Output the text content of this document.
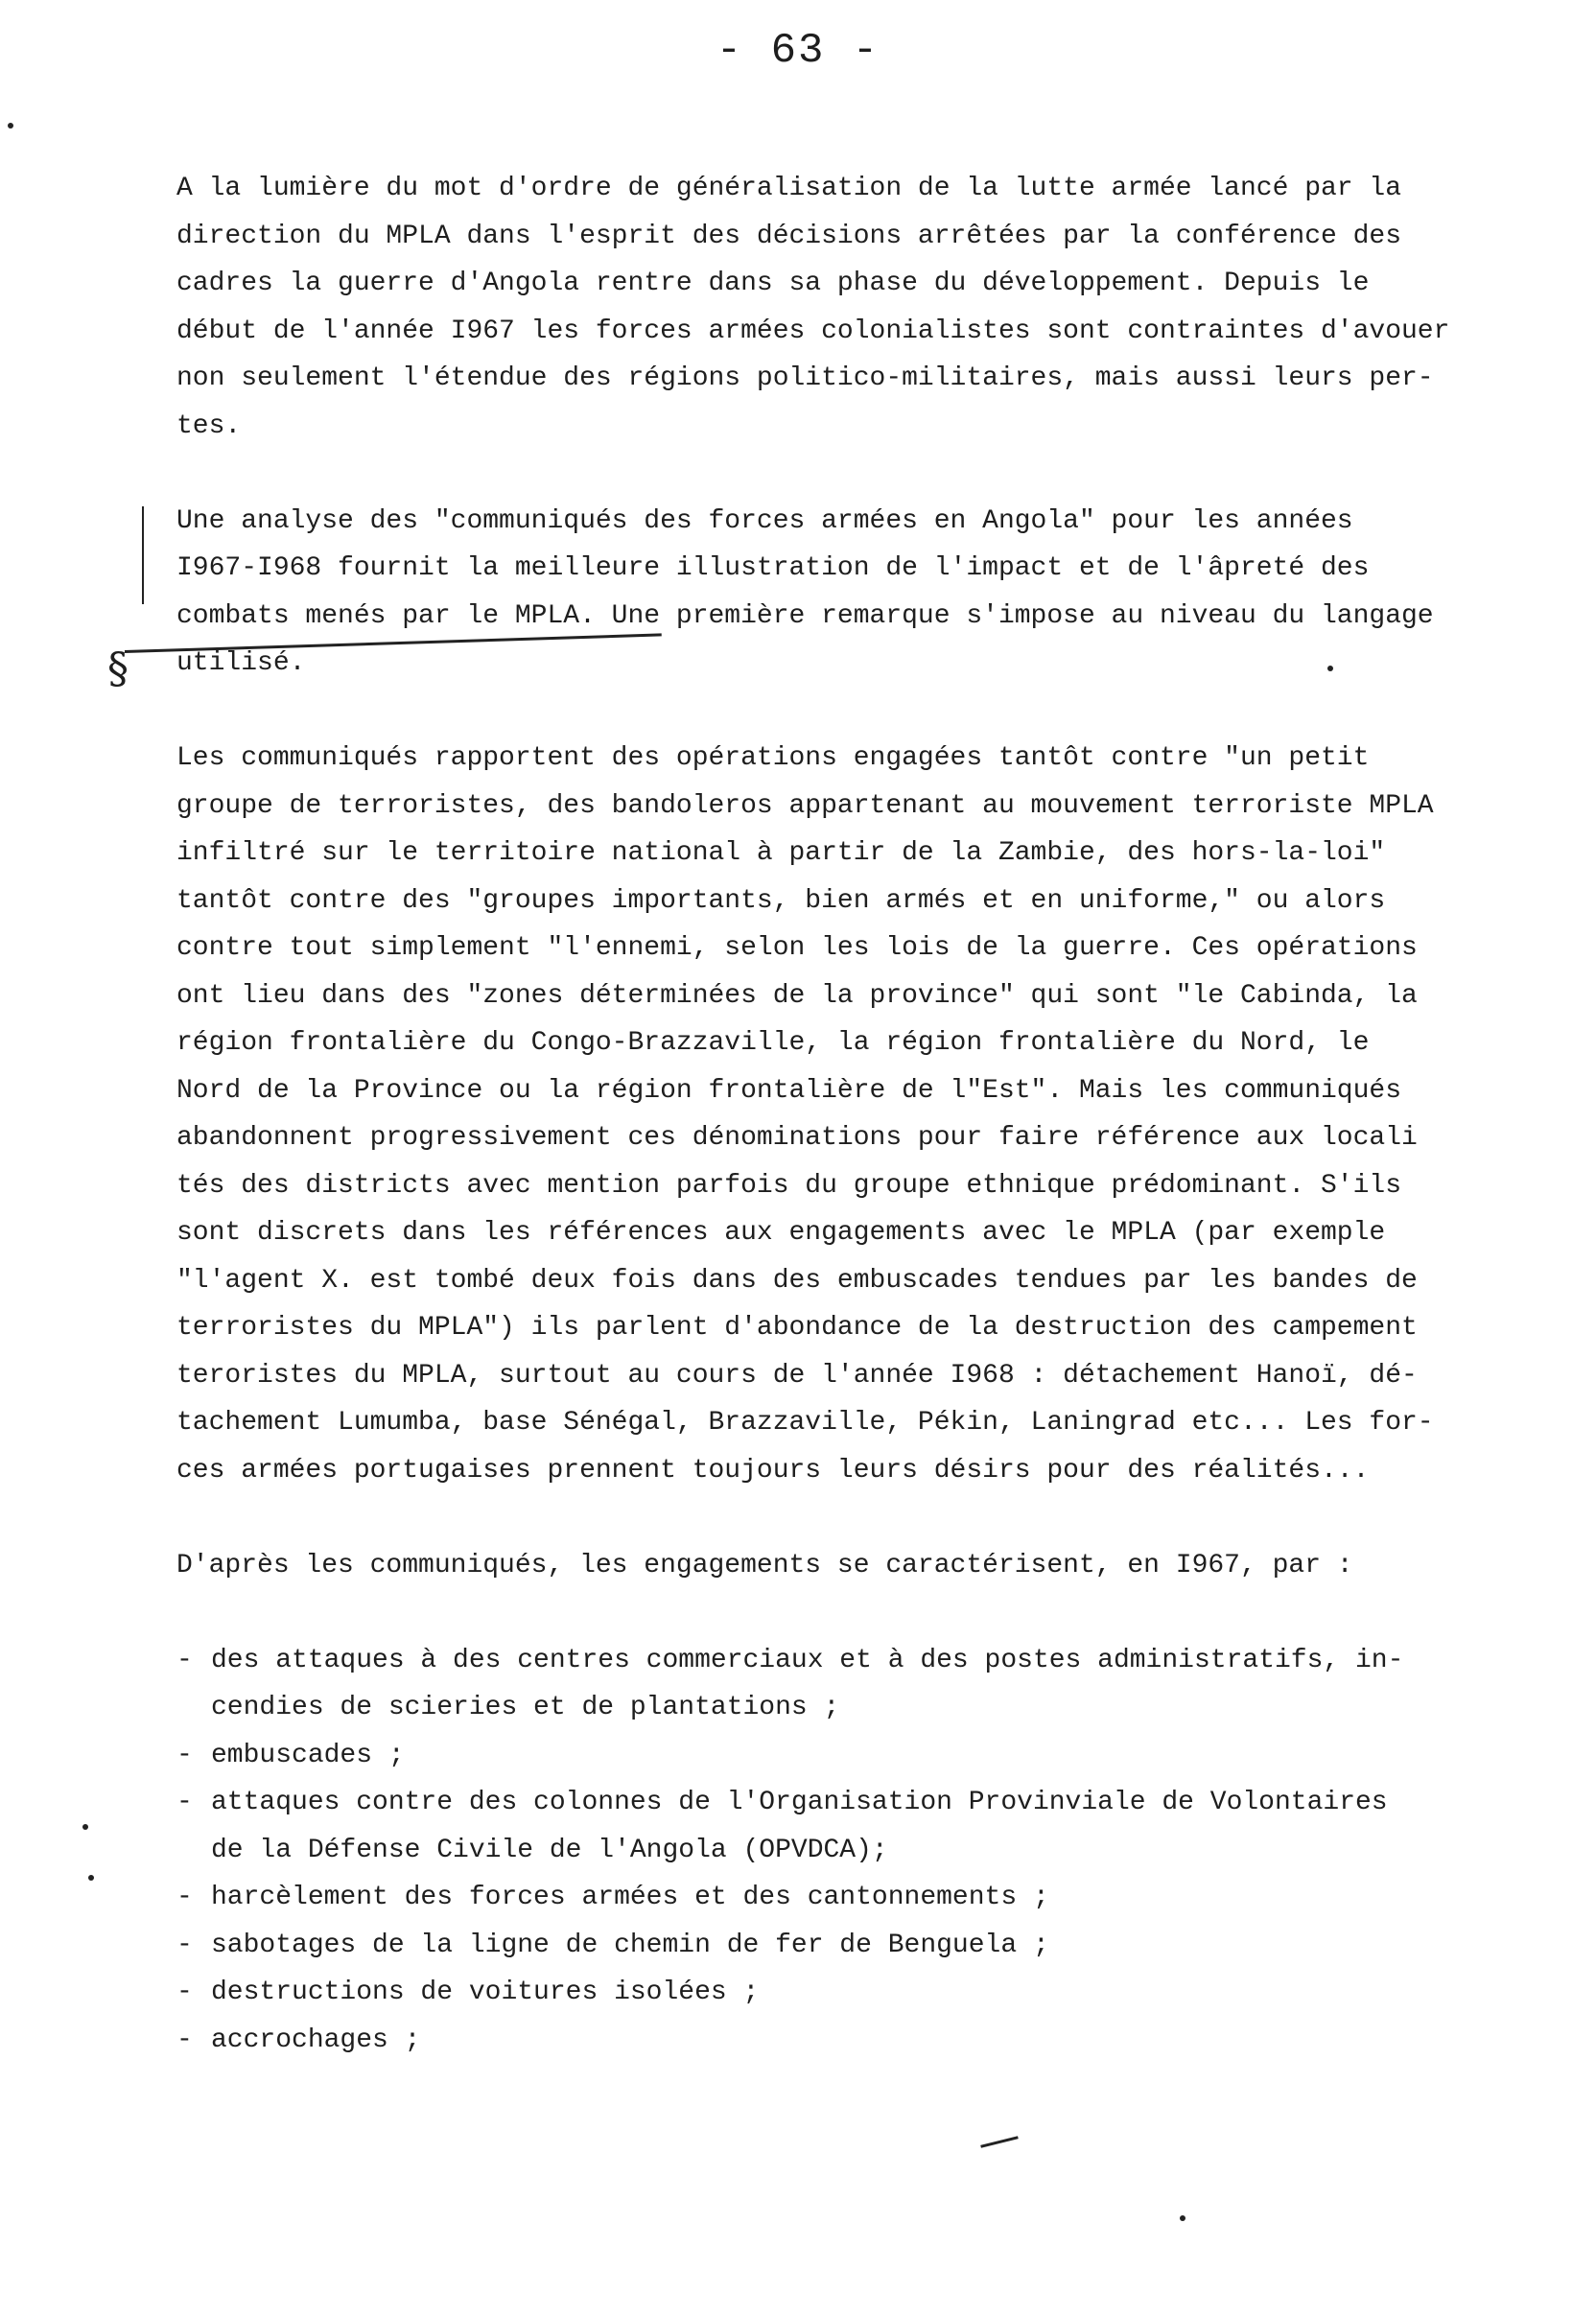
- 63 -
§
A la lumière du mot d'ordre de généralisation de la lutte armée lancé par la
direction du MPLA dans l'esprit des décisions arrêtées par la conférence des
cadres la guerre d'Angola rentre dans sa phase du développement. Depuis le
début de l'année I967 les forces armées colonialistes sont contraintes d'avouer
non seulement l'étendue des régions politico-militaires, mais aussi leurs per-
tes.
Une analyse des "communiqués des forces armées en Angola" pour les années
I967-I968 fournit la meilleure illustration de l'impact et de l'âpreté des
combats menés par le MPLA. Une première remarque s'impose au niveau du langage
utilisé.
Les communiqués rapportent des opérations engagées tantôt contre "un petit
groupe de terroristes, des bandoleros appartenant au mouvement terroriste MPLA
infiltré sur le territoire national à partir de la Zambie, des hors-la-loi"
tantôt contre des "groupes importants, bien armés et en uniforme," ou alors
contre tout simplement "l'ennemi, selon les lois de la guerre. Ces opérations
ont lieu dans des "zones déterminées de la province" qui sont "le Cabinda, la
région frontalière du Congo-Brazzaville, la région frontalière du Nord, le
Nord de la Province ou la région frontalière de l"Est". Mais les communiqués
abandonnent progressivement ces dénominations pour faire référence aux locali
tés des districts avec mention parfois du groupe ethnique prédominant. S'ils
sont discrets dans les références aux engagements avec le MPLA (par exemple
"l'agent X. est tombé deux fois dans des embuscades tendues par les bandes de
terroristes du MPLA") ils parlent d'abondance de la destruction des campement
teroristes du MPLA, surtout au cours de l'année I968 : détachement Hanoï, dé-
tachement Lumumba, base Sénégal, Brazzaville, Pékin, Laningrad etc... Les for-
ces armées portugaises prennent toujours leurs désirs pour des réalités...
D'après les communiqués, les engagements se caractérisent, en I967, par :
- des attaques à des centres commerciaux et à des postes administratifs, in-
cendies de scieries et de plantations ;
- embuscades ;
- attaques contre des colonnes de l'Organisation Provinviale de Volontaires
de la Défense Civile de l'Angola (OPVDCA);
- harcèlement des forces armées et des cantonnements ;
- sabotages de la ligne de chemin de fer de Benguela ;
- destructions de voitures isolées ;
- accrochages ;
